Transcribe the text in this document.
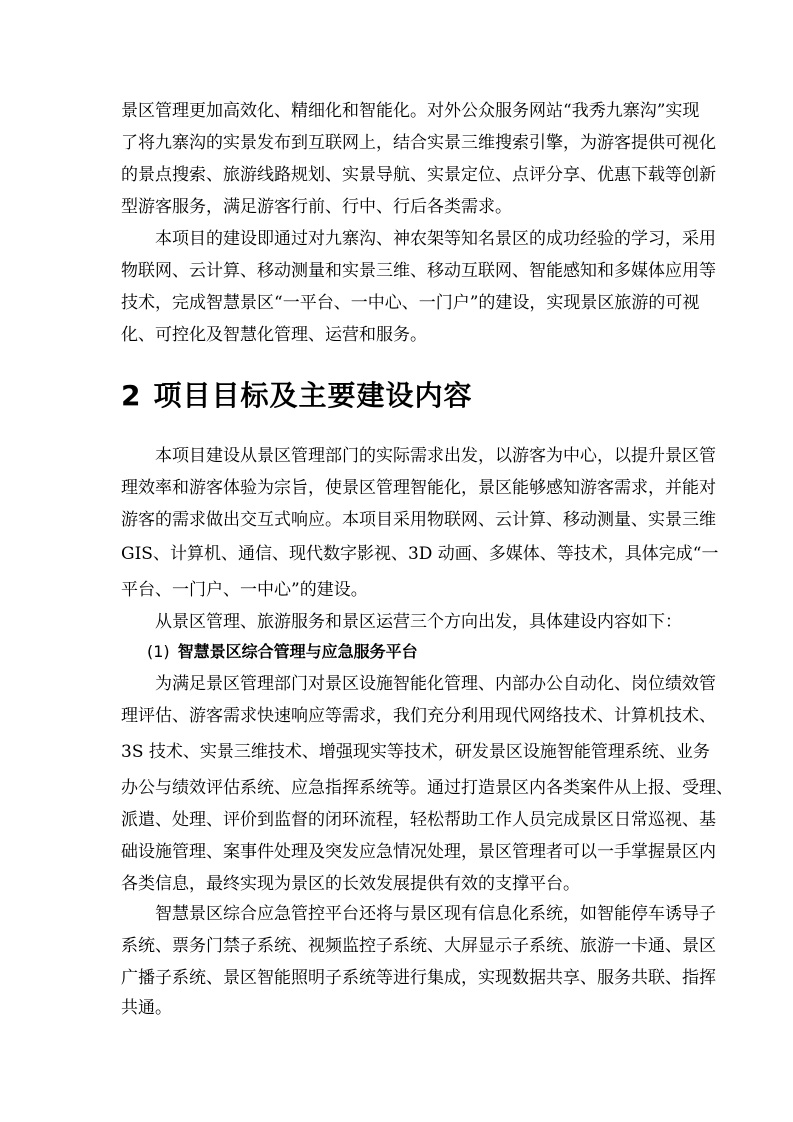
景区管理更加高效化、精细化和智能化。对外公众服务网站“我秀九寨沟”实现
了将九寨沟的实景发布到互联网上，结合实景三维搜索引擎，为游客提供可视化
的景点搜索、旅游线路规划、实景导航、实景定位、点评分享、优惠下载等创新
型游客服务，满足游客行前、行中、行后各类需求。
本项目的建设即通过对九寨沟、神农架等知名景区的成功经验的学习，采用
物联网、云计算、移动测量和实景三维、移动互联网、智能感知和多媒体应用等
技术，完成智慧景区“一平台、一中心、一门户”的建设，实现景区旅游的可视
化、可控化及智慧化管理、运营和服务。
2 项目目标及主要建设内容
本项目建设从景区管理部门的实际需求出发，以游客为中心，以提升景区管
理效率和游客体验为宗旨，使景区管理智能化，景区能够感知游客需求，并能对
游客的需求做出交互式响应。本项目采用物联网、云计算、移动测量、实景三维
GIS、计算机、通信、现代数字影视、3D 动画、多媒体、等技术，具体完成“一
平台、一门户、一中心”的建设。
从景区管理、旅游服务和景区运营三个方向出发，具体建设内容如下：
(1) 智慧景区综合管理与应急服务平台
为满足景区管理部门对景区设施智能化管理、内部办公自动化、岗位绩效管
理评估、游客需求快速响应等需求，我们充分利用现代网络技术、计算机技术、
3S 技术、实景三维技术、增强现实等技术，研发景区设施智能管理系统、业务
办公与绩效评估系统、应急指挥系统等。通过打造景区内各类案件从上报、受理、
派遣、处理、评价到监督的闭环流程，轻松帮助工作人员完成景区日常巡视、基
础设施管理、案事件处理及突发应急情况处理，景区管理者可以一手掌握景区内
各类信息，最终实现为景区的长效发展提供有效的支撑平台。
智慧景区综合应急管控平台还将与景区现有信息化系统，如智能停车诱导子
系统、票务门禁子系统、视频监控子系统、大屏显示子系统、旅游一卡通、景区
广播子系统、景区智能照明子系统等进行集成，实现数据共享、服务共联、指挥
共通。
